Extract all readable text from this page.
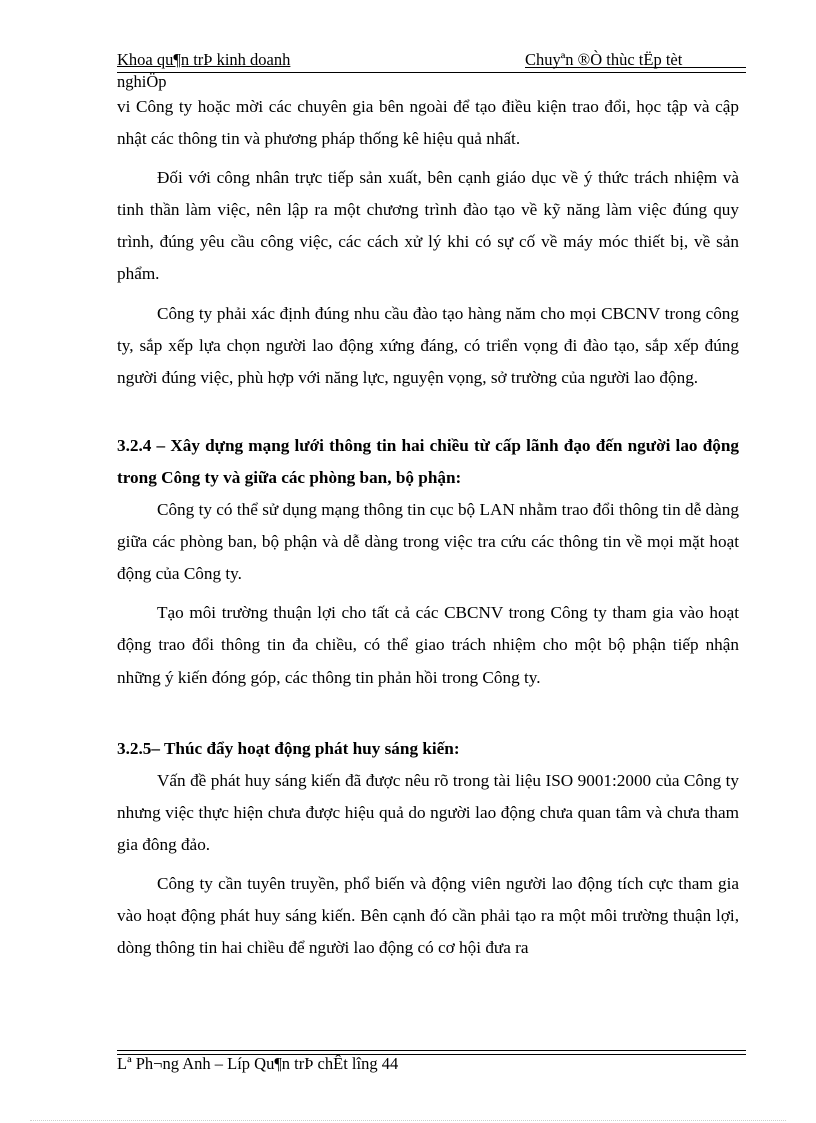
Khoa qu¶n trÞ kinh doanh	Chuyªn ®Ò thùc tËp tèt
nghiÖp

vi Công ty hoặc mời các chuyên gia bên ngoài để tạo điều kiện trao đổi, học tập và cập nhật các thông tin và phương pháp thống kê hiệu quả nhất.

Đối với công nhân trực tiếp sản xuất, bên cạnh giáo dục về ý thức trách nhiệm và tinh thần làm việc, nên lập ra một chương trình đào tạo về kỹ năng làm việc đúng quy trình, đúng yêu cầu công việc, các cách xử lý khi có sự cố về máy móc thiết bị, về sản phẩm.

Công ty phải xác định đúng nhu cầu đào tạo hàng năm cho mọi CBCNV trong công ty, sắp xếp lựa chọn người lao động xứng đáng, có triển vọng đi đào tạo, sắp xếp đúng người đúng việc, phù hợp với năng lực, nguyện vọng, sở trường của người lao động.

3.2.4 – Xây dựng mạng lưới thông tin hai chiều từ cấp lãnh đạo đến người lao động trong Công ty và giữa các phòng ban, bộ phận:

Công ty có thể sử dụng mạng thông tin cục bộ LAN nhằm trao đổi thông tin dễ dàng giữa các phòng ban, bộ phận và dễ dàng trong việc tra cứu các thông tin về mọi mặt hoạt động của Công ty.

Tạo môi trường thuận lợi cho tất cả các CBCNV trong Công ty tham gia vào hoạt động trao đổi thông tin đa chiều, có thể giao trách nhiệm cho một bộ phận tiếp nhận những ý kiến đóng góp, các thông tin phản hồi trong Công ty.

3.2.5– Thúc đẩy hoạt động phát huy sáng kiến:

Vấn đề phát huy sáng kiến đã được nêu rõ trong tài liệu ISO 9001:2000 của Công ty nhưng việc thực hiện chưa được hiệu quả do người lao động chưa quan tâm và chưa tham gia đông đảo.

Công ty cần tuyên truyền, phổ biến và động viên người lao động tích cực tham gia vào hoạt động phát huy sáng kiến. Bên cạnh đó cần phải tạo ra một môi trường thuận lợi, dòng thông tin hai chiều để người lao động có cơ hội đưa ra

Lª Ph¬ng Anh – Líp Qu¶n trÞ chÊt lîng 44
